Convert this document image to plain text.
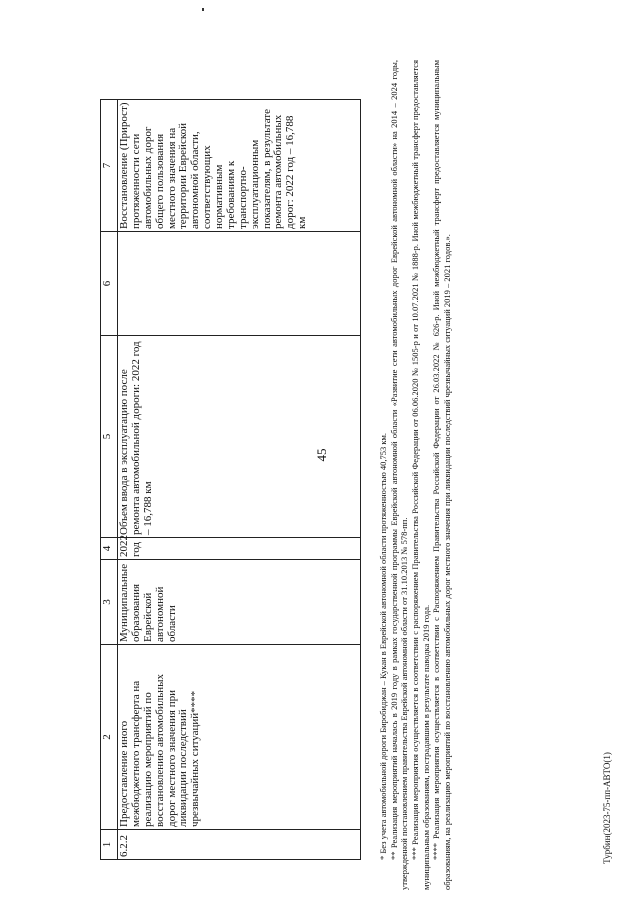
45
1	2	3	4	5	6	7
6.2.2	Предоставление иного межбюджетного трансферта на реализацию мероприятий по восстановлению автомобильных дорог местного значения при ликвидации последствий чрезвычайных ситуаций****	Муниципальные образования Еврейской автономной области	2022 год	Объем ввода в эксплуатацию после ремонта автомобильной дороги: 2022 год – 16,788 км		Восстановление (Прирост) протяженности сети автомобильных дорог общего пользования местного значения на территории Еврейской автономной области, соответствующих нормативным требованиям к транспортно-эксплуатационным показателям, в результате ремонта автомобильных дорог: 2022 год – 16,788 км

* Без учета автомобильной дороги Биробиджан – Кукан в Еврейской автономной области протяженностью 40,753 км. ** Реализация мероприятий началась в 2019 году в рамках государственной программы Еврейской автономной области «Развитие сети автомобильных дорог Еврейской автономной области» на 2014 – 2024 годы, утвержденной постановлением правительства Еврейской автономной области от 31.10.2013 № 578-пп. *** Реализация мероприятия осуществляется в соответствии с распоряжением Правительства Российской Федерации от 06.06.2020 № 1505-р и от 10.07.2021 № 1888-р. Иной межбюджетный трансферт предоставляется муниципальным образованиям, пострадавшим в результате паводка 2019 года. **** Реализация мероприятия осуществляется в соответствии с Распоряжением Правительства Российской Федерации от 26.03.2022 № 626-р. Иной межбюджетный трансферт предоставляется муниципальным образованиям, на реализацию мероприятий по восстановлению автомобильных дорог местного значения при ликвидации последствий чрезвычайных ситуаций 2019 – 2021 годов.».	Турбин(2023-75-пп-АВТО(1)
